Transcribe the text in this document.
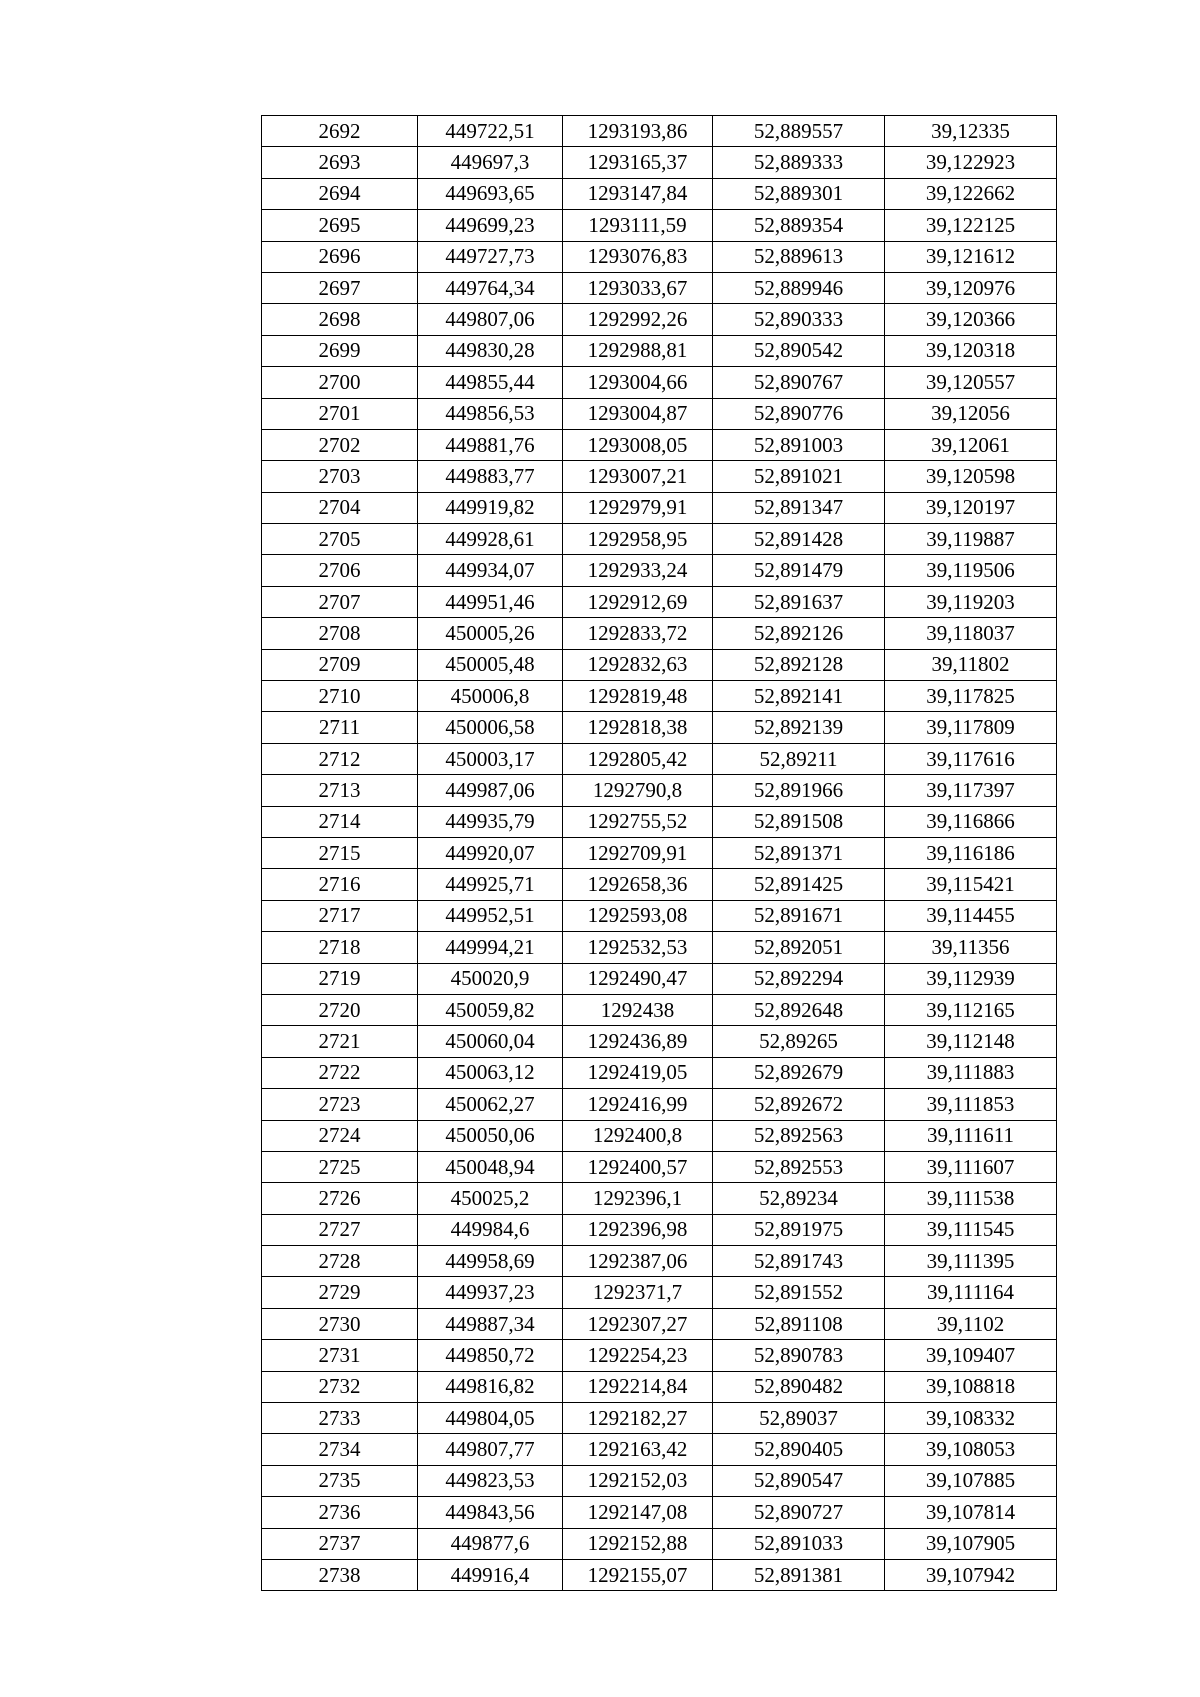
2692	449722,51	1293193,86	52,889557	39,12335
2693	449697,3	1293165,37	52,889333	39,122923
2694	449693,65	1293147,84	52,889301	39,122662
2695	449699,23	1293111,59	52,889354	39,122125
2696	449727,73	1293076,83	52,889613	39,121612
2697	449764,34	1293033,67	52,889946	39,120976
2698	449807,06	1292992,26	52,890333	39,120366
2699	449830,28	1292988,81	52,890542	39,120318
2700	449855,44	1293004,66	52,890767	39,120557
2701	449856,53	1293004,87	52,890776	39,12056
2702	449881,76	1293008,05	52,891003	39,12061
2703	449883,77	1293007,21	52,891021	39,120598
2704	449919,82	1292979,91	52,891347	39,120197
2705	449928,61	1292958,95	52,891428	39,119887
2706	449934,07	1292933,24	52,891479	39,119506
2707	449951,46	1292912,69	52,891637	39,119203
2708	450005,26	1292833,72	52,892126	39,118037
2709	450005,48	1292832,63	52,892128	39,11802
2710	450006,8	1292819,48	52,892141	39,117825
2711	450006,58	1292818,38	52,892139	39,117809
2712	450003,17	1292805,42	52,89211	39,117616
2713	449987,06	1292790,8	52,891966	39,117397
2714	449935,79	1292755,52	52,891508	39,116866
2715	449920,07	1292709,91	52,891371	39,116186
2716	449925,71	1292658,36	52,891425	39,115421
2717	449952,51	1292593,08	52,891671	39,114455
2718	449994,21	1292532,53	52,892051	39,11356
2719	450020,9	1292490,47	52,892294	39,112939
2720	450059,82	1292438	52,892648	39,112165
2721	450060,04	1292436,89	52,89265	39,112148
2722	450063,12	1292419,05	52,892679	39,111883
2723	450062,27	1292416,99	52,892672	39,111853
2724	450050,06	1292400,8	52,892563	39,111611
2725	450048,94	1292400,57	52,892553	39,111607
2726	450025,2	1292396,1	52,89234	39,111538
2727	449984,6	1292396,98	52,891975	39,111545
2728	449958,69	1292387,06	52,891743	39,111395
2729	449937,23	1292371,7	52,891552	39,111164
2730	449887,34	1292307,27	52,891108	39,1102
2731	449850,72	1292254,23	52,890783	39,109407
2732	449816,82	1292214,84	52,890482	39,108818
2733	449804,05	1292182,27	52,89037	39,108332
2734	449807,77	1292163,42	52,890405	39,108053
2735	449823,53	1292152,03	52,890547	39,107885
2736	449843,56	1292147,08	52,890727	39,107814
2737	449877,6	1292152,88	52,891033	39,107905
2738	449916,4	1292155,07	52,891381	39,107942
